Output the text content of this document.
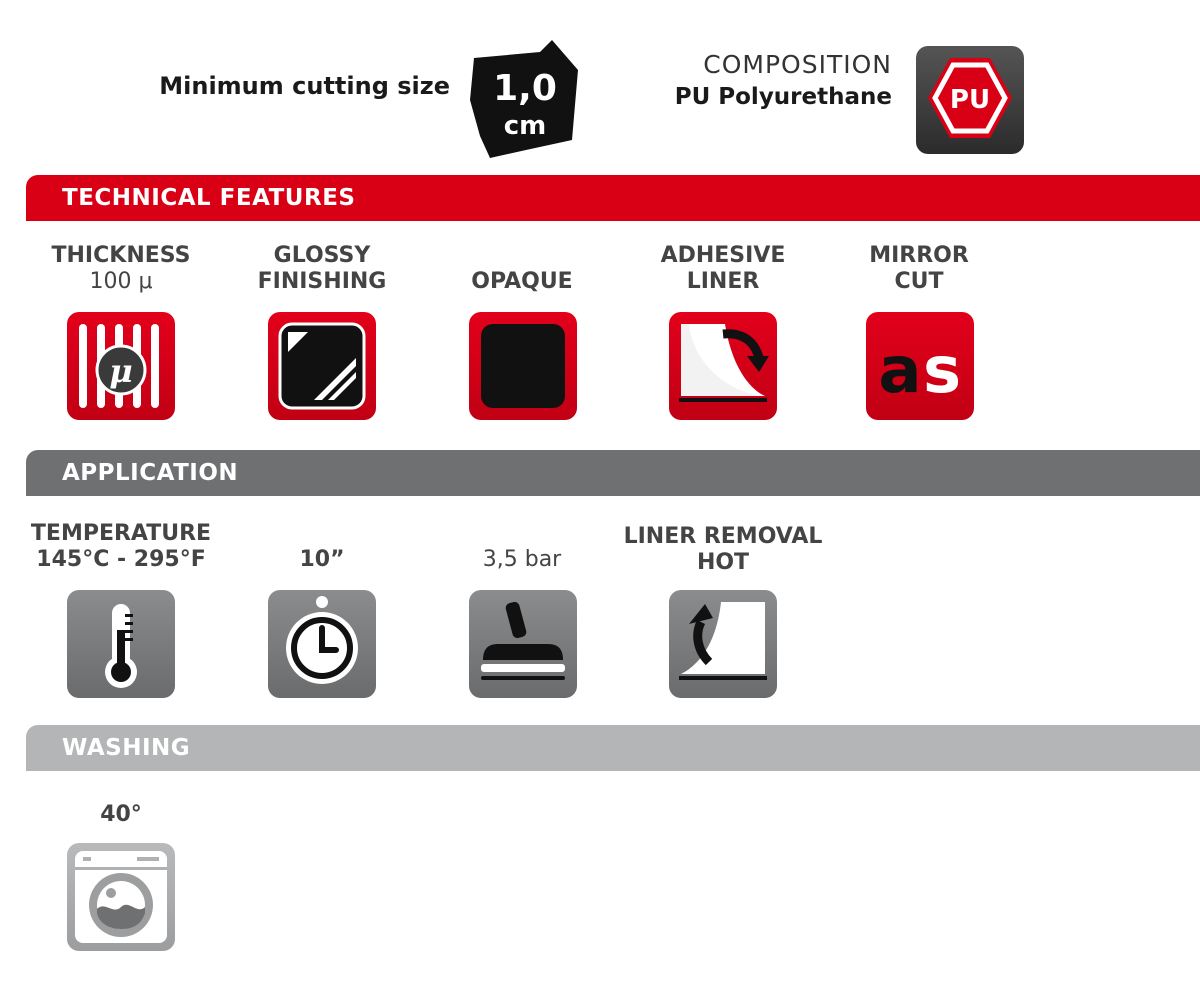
Minimum cutting size 1,0
cm
COMPOSITION
PU Polyurethane PU
TECHNICAL FEATURES
THICKNESS
100 μ
GLOSSY
FINISHING
	OPAQUE
ADHESIVE
LINER
MIRROR
CUT
μ	a s
APPLICATION
TEMPERATURE
145°C - 295°F
	10”
	3,5 bar
LINER REMOVAL
HOT
WASHING
40°
